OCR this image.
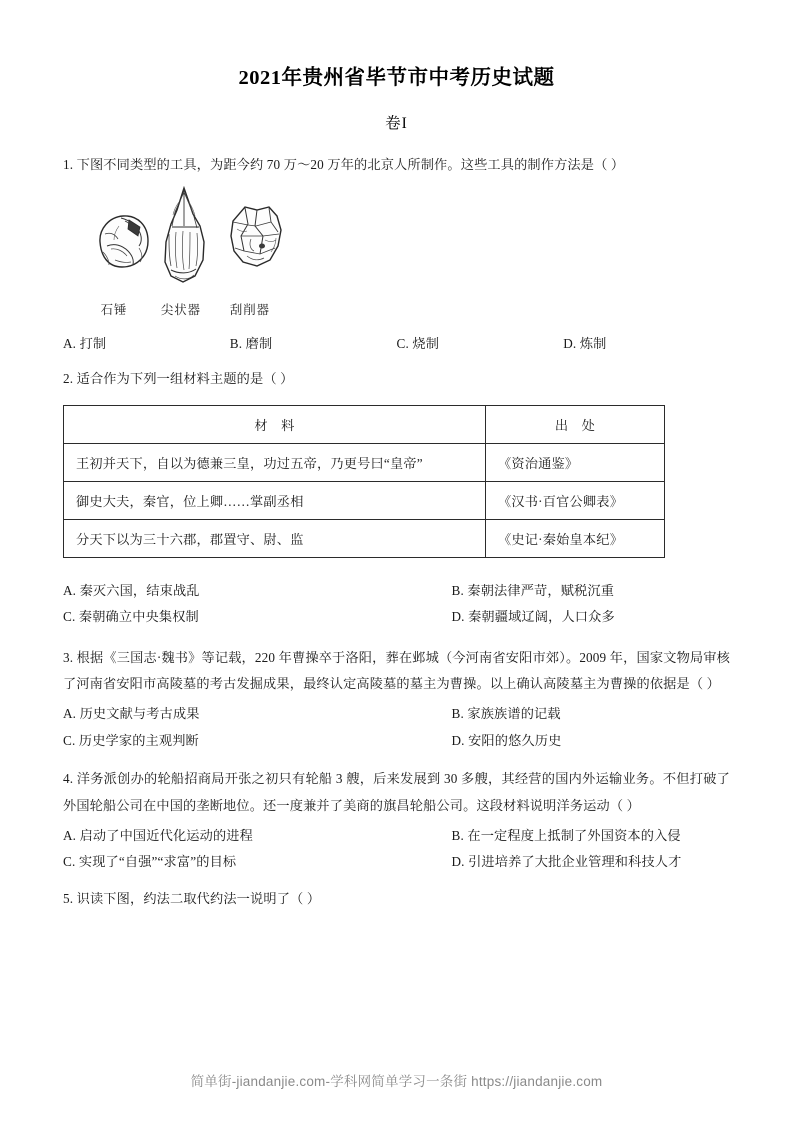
2021年贵州省毕节市中考历史试题
卷I
1. 下图不同类型的工具，为距今约 70 万～20 万年的北京人所制作。这些工具的制作方法是（ ）
石锤	尖状器	刮削器
A. 打制	B. 磨制	C. 烧制	D. 炼制
2. 适合作为下列一组材料主题的是（ ）
材　料	出　处
王初并天下，自以为德兼三皇，功过五帝，乃更号曰“皇帝”	《资治通鉴》
御史大夫，秦官，位上卿……掌副丞相	《汉书·百官公卿表》
分天下以为三十六郡，郡置守、尉、监	《史记·秦始皇本纪》
A. 秦灭六国，结束战乱	B. 秦朝法律严苛，赋税沉重
C. 秦朝确立中央集权制	D. 秦朝疆域辽阔，人口众多
3. 根据《三国志·魏书》等记载，220 年曹操卒于洛阳，葬在邺城（今河南省安阳市郊）。2009 年，国家文物局审核了河南省安阳市高陵墓的考古发掘成果，最终认定高陵墓的墓主为曹操。以上确认高陵墓主为曹操的依据是（ ）
A. 历史文献与考古成果	B. 家族族谱的记载
C. 历史学家的主观判断	D. 安阳的悠久历史
4. 洋务派创办的轮船招商局开张之初只有轮船 3 艘，后来发展到 30 多艘，其经营的国内外运输业务。不但打破了外国轮船公司在中国的垄断地位。还一度兼并了美商的旗昌轮船公司。这段材料说明洋务运动（ ）
A. 启动了中国近代化运动的进程	B. 在一定程度上抵制了外国资本的入侵
C. 实现了“自强”“求富”的目标	D. 引进培养了大批企业管理和科技人才
5. 识读下图，约法二取代约法一说明了（ ）
简单街-jiandanjie.com-学科网简单学习一条街 https://jiandanjie.com
